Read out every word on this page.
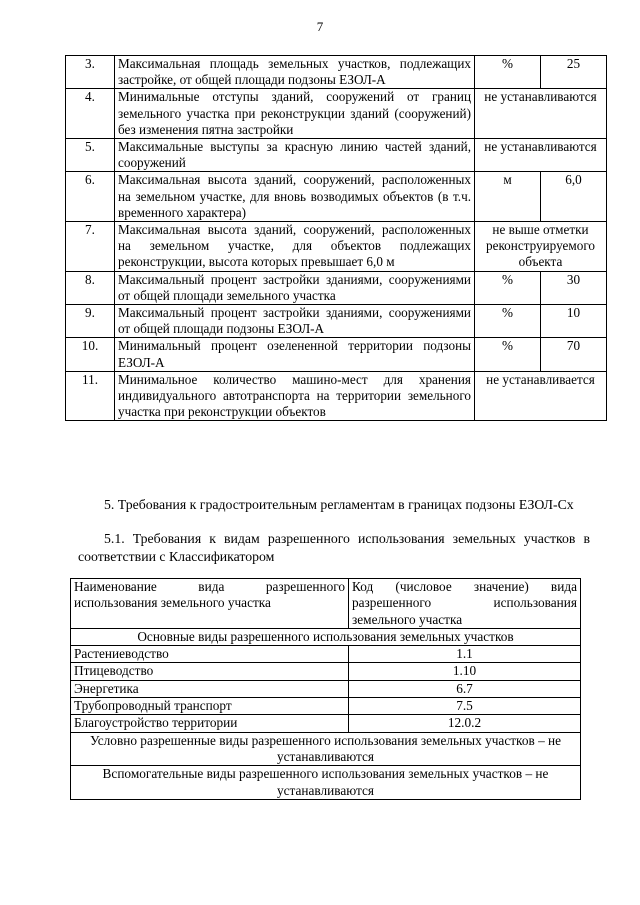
7
3.	Максимальная площадь земельных участков, подлежащих застройке, от общей площади подзоны ЕЗОЛ-А	%	25
4.	Минимальные отступы зданий, сооружений от границ земельного участка при реконструкции зданий (сооружений) без изменения пятна застройки	не устанавливаются	
5.	Максимальные выступы за красную линию частей зданий, сооружений	не устанавливаются	
6.	Максимальная высота зданий, сооружений, расположенных на земельном участке, для вновь возводимых объектов (в т.ч. временного характера)	м	6,0
7.	Максимальная высота зданий, сооружений, расположенных на земельном участке, для объектов подлежащих реконструкции, высота которых превышает 6,0 м	не выше отметки реконструируемого объекта	
8.	Максимальный процент застройки зданиями, сооружениями от общей площади земельного участка	%	30
9.	Максимальный процент застройки зданиями, сооружениями от общей площади подзоны ЕЗОЛ-А	%	10
10.	Минимальный процент озелененной территории подзоны ЕЗОЛ-А	%	70
11.	Минимальное количество машино-мест для хранения индивидуального автотранспорта на территории земельного участка при реконструкции объектов	не устанавливается	
5. Требования к градостроительным регламентам в границах подзоны ЕЗОЛ-Сх
5.1. Требования к видам разрешенного использования земельных участков в соответствии с Классификатором
Наименование вида разрешенного использования земельного участка	Код (числовое значение) вида разрешенного использования земельного участка
Основные виды разрешенного использования земельных участков	
Растениеводство	1.1
Птицеводство	1.10
Энергетика	6.7
Трубопроводный транспорт	7.5
Благоустройство территории	12.0.2
Условно разрешенные виды разрешенного использования земельных участков – не устанавливаются	
Вспомогательные виды разрешенного использования земельных участков – не устанавливаются	
